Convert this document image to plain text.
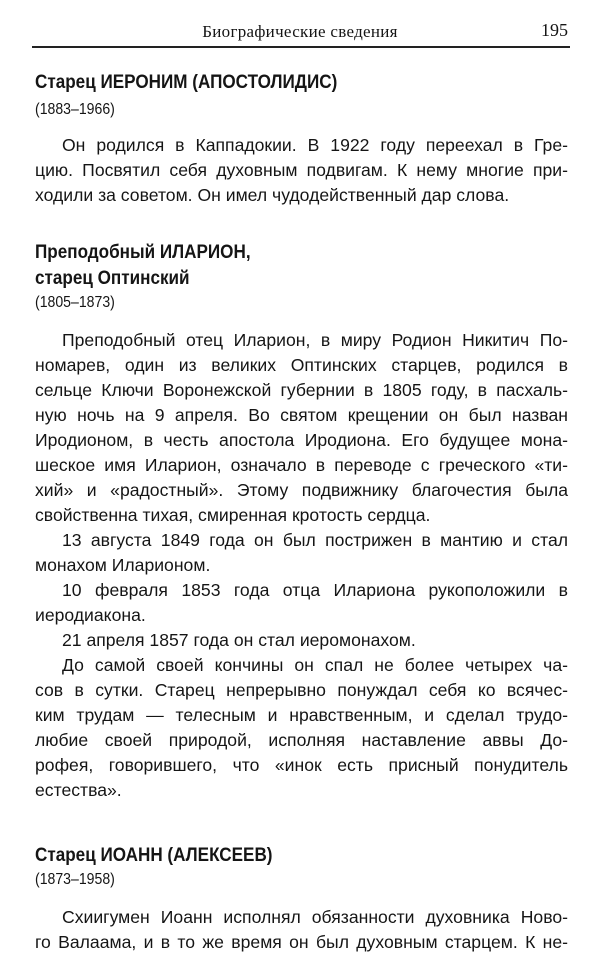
Биографические сведения	195
Старец ИЕРОНИМ (АПОСТОЛИДИС)
(1883–1966)
Он родился в Каппадокии. В 1922 году переехал в Гре-
цию. Посвятил себя духовным подвигам. К нему многие при-
ходили за советом. Он имел чудодейственный дар слова.
Преподобный ИЛАРИОН,
старец Оптинский
(1805–1873)
Преподобный отец Иларион, в миру Родион Никитич По-
номарев, один из великих Оптинских старцев, родился в
сельце Ключи Воронежской губернии в 1805 году, в пасхаль-
ную ночь на 9 апреля. Во святом крещении он был назван
Иродионом, в честь апостола Иродиона. Его будущее мона-
шеское имя Иларион, означало в переводе с греческого «ти-
хий» и «радостный». Этому подвижнику благочестия была
свойственна тихая, смиренная кротость сердца.
13 августа 1849 года он был пострижен в мантию и стал
монахом Иларионом.
10 февраля 1853 года отца Илариона рукоположили в
иеродиакона.
21 апреля 1857 года он стал иеромонахом.
До самой своей кончины он спал не более четырех ча-
сов в сутки. Старец непрерывно понуждал себя ко всячес-
ким трудам — телесным и нравственным, и сделал трудо-
любие своей природой, исполняя наставление аввы До-
рофея, говорившего, что «инок есть присный понудитель
естества».
Старец ИОАНН (АЛЕКСЕЕВ)
(1873–1958)
Схиигумен Иоанн исполнял обязанности духовника Ново-
го Валаама, и в то же время он был духовным старцем. К не-
